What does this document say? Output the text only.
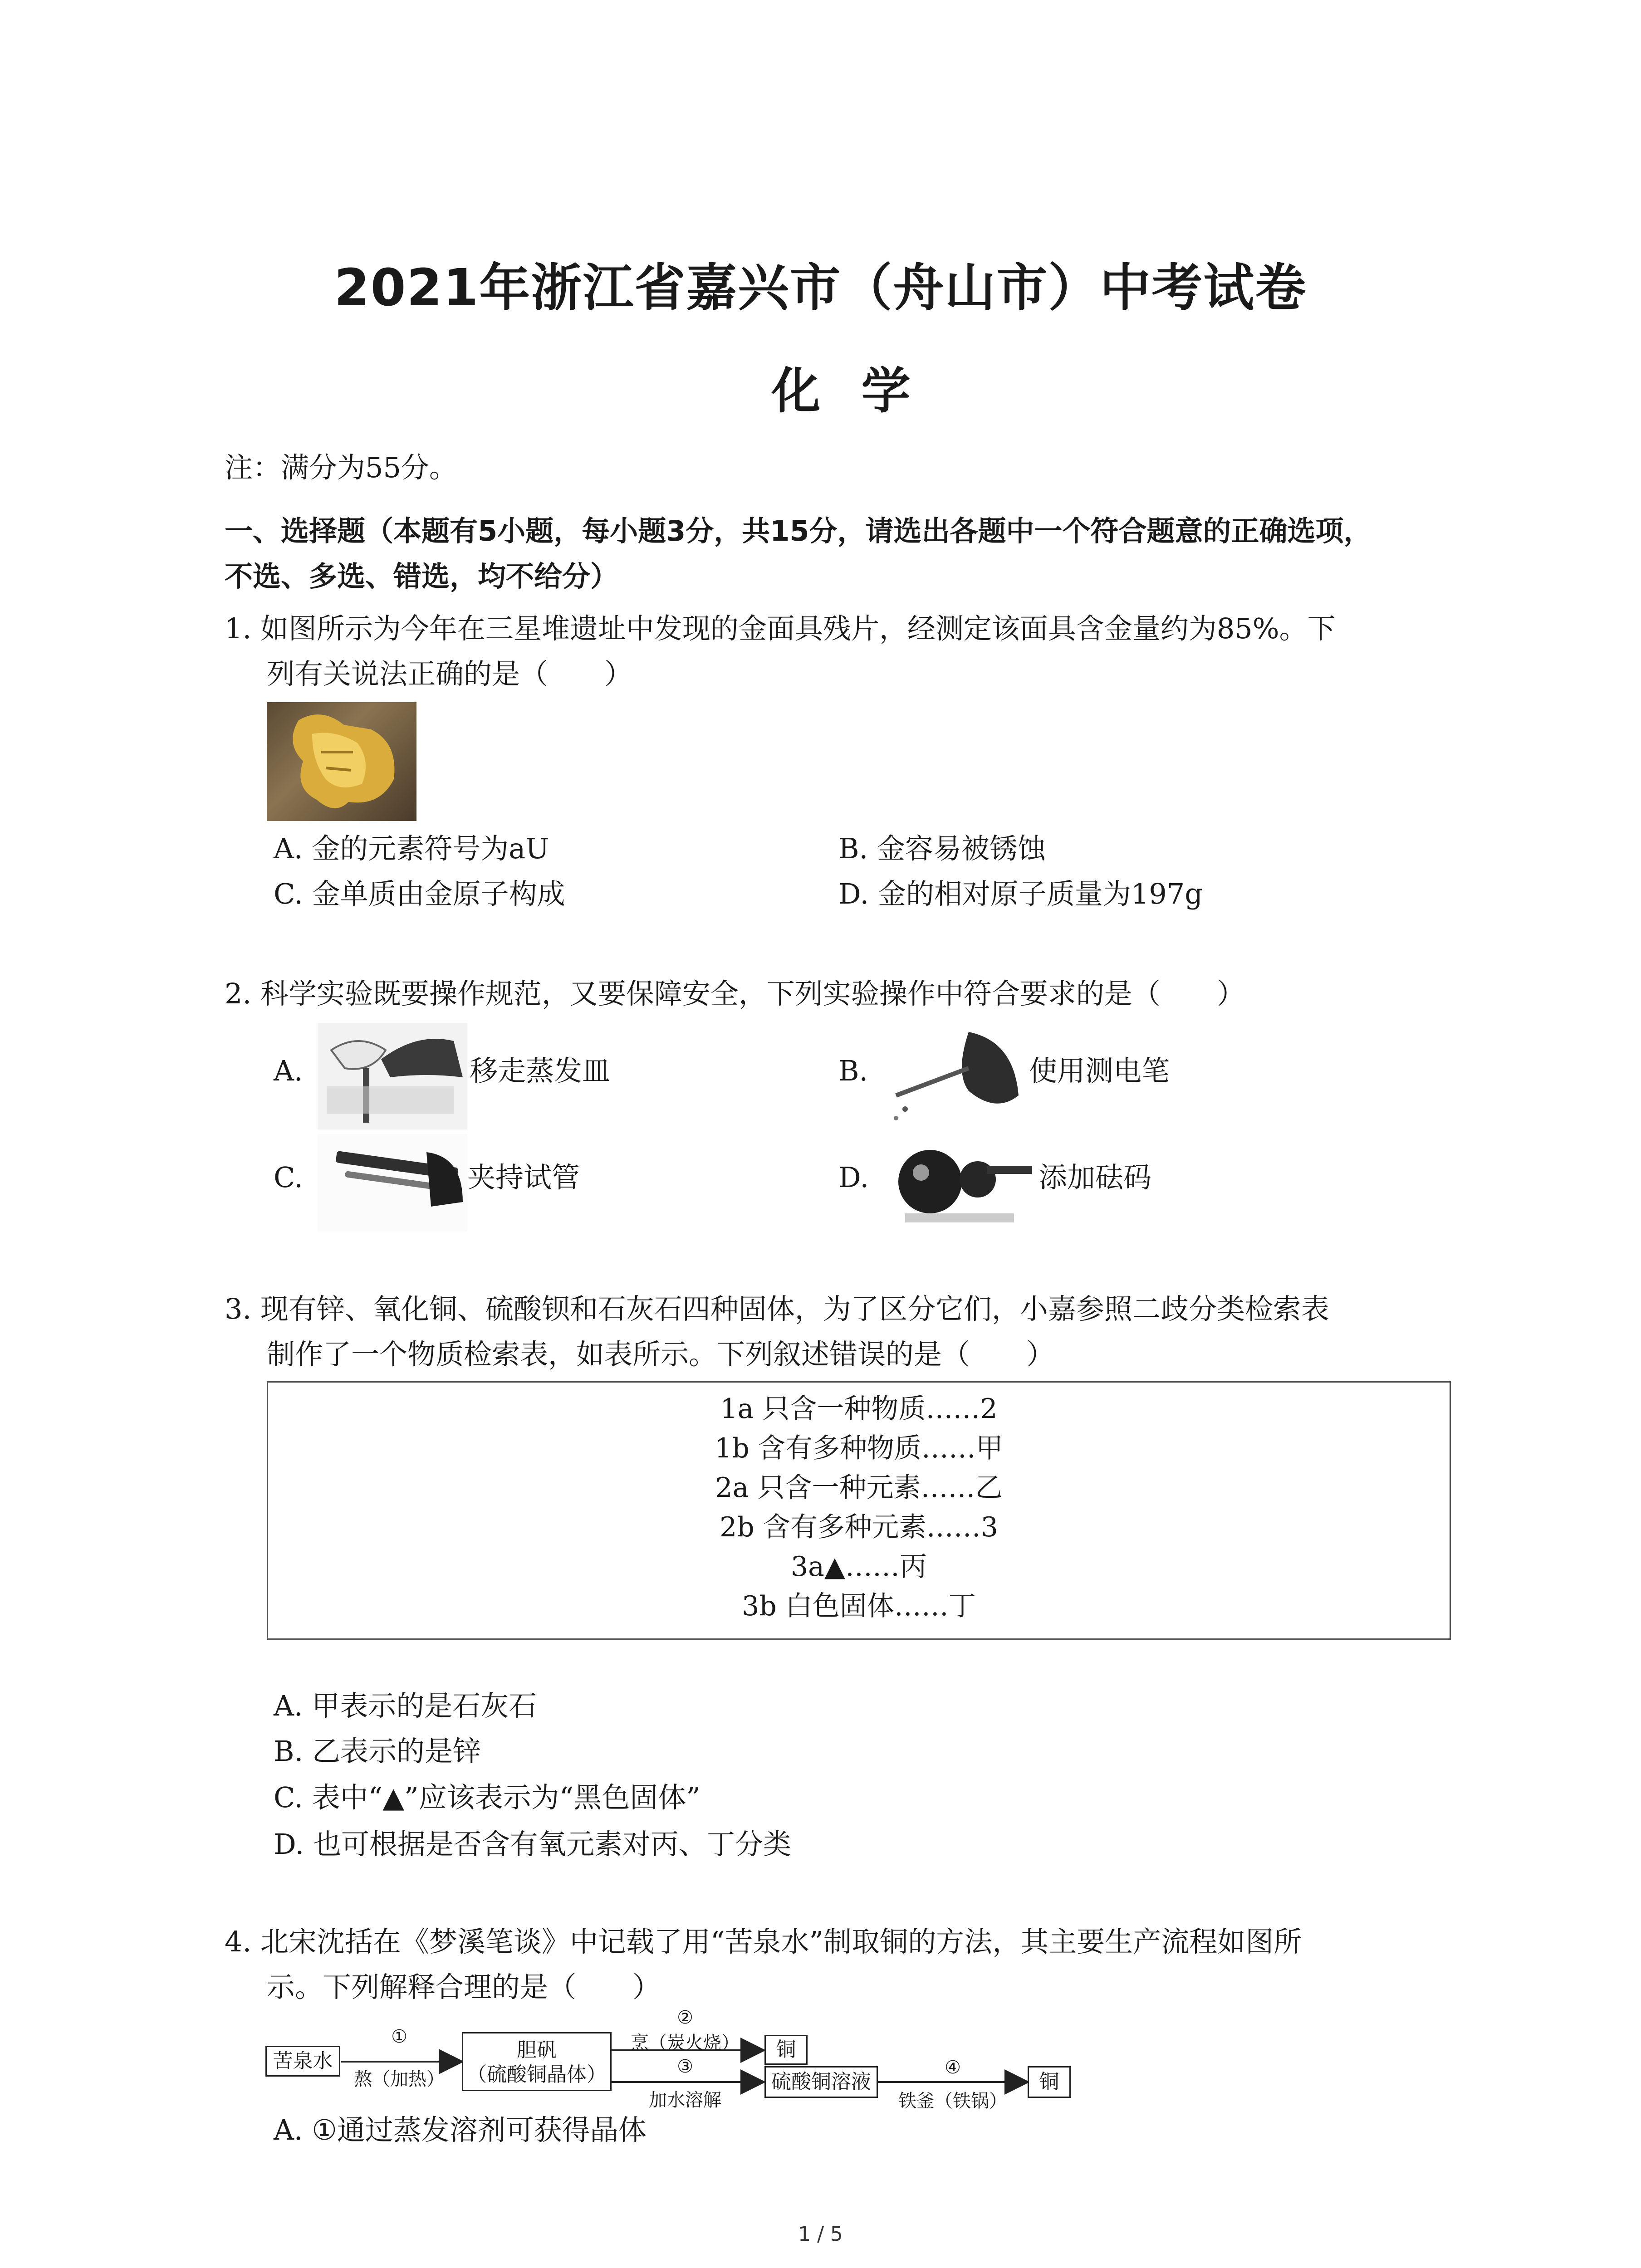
2021年浙江省嘉兴市（舟山市）中考试卷
化学
注：满分为55分。
一、选择题（本题有5小题，每小题3分，共15分，请选出各题中一个符合题意的正确选项，
不选、多选、错选，均不给分）
1. 如图所示为今年在三星堆遗址中发现的金面具残片，经测定该面具含金量约为85%。下
列有关说法正确的是（　　）
A. 金的元素符号为aU	B. 金容易被锈蚀
C. 金单质由金原子构成	D. 金的相对原子质量为197g
2. 科学实验既要操作规范，又要保障安全，下列实验操作中符合要求的是（　　）
A.	移走蒸发皿	B.	使用测电笔
C.	夹持试管	D.	添加砝码
3. 现有锌、氧化铜、硫酸钡和石灰石四种固体，为了区分它们，小嘉参照二歧分类检索表
制作了一个物质检索表，如表所示。下列叙述错误的是（　　）
1a 只含一种物质……2
1b 含有多种物质……甲
2a 只含一种元素……乙
2b 含有多种元素……3
3a▲……丙
3b 白色固体……丁
A. 甲表示的是石灰石
B. 乙表示的是锌
C. 表中“▲”应该表示为“黑色固体”
D. 也可根据是否含有氧元素对丙、丁分类
4. 北宋沈括在《梦溪笔谈》中记载了用“苦泉水”制取铜的方法，其主要生产流程如图所
示。下列解释合理的是（　　）
苦泉水
①
熬（加热）
胆矾
（硫酸铜晶体）
②
烹（炭火烧）
③
加水溶解
铜
硫酸铜溶液
④
铁釜（铁锅）
铜
A. ①通过蒸发溶剂可获得晶体
1 / 5
